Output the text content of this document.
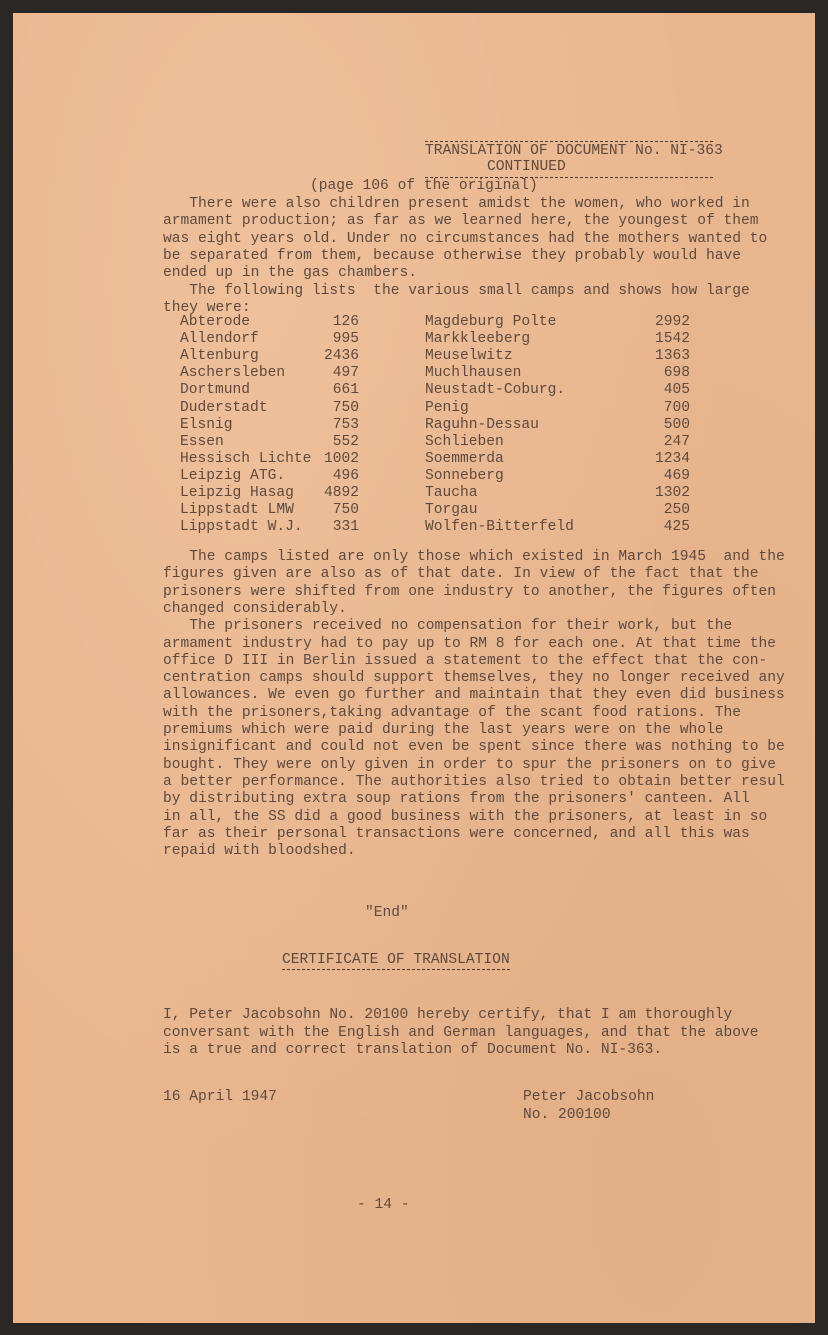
TRANSLATION OF DOCUMENT No. NI-363
CONTINUED
(page 106 of the original)
There were also children present amidst the women, who worked in
armament production; as far as we learned here, the youngest of them
was eight years old. Under no circumstances had the mothers wanted to
be separated from them, because otherwise they probably would have
ended up in the gas chambers.
The following lists  the various small camps and shows how large
they were:
Abterode	126	Magdeburg Polte	2992
Allendorf	995	Markkleeberg	1542
Altenburg	2436	Meuselwitz	1363
Aschersleben	497	Muchlhausen	698
Dortmund	661	Neustadt-Coburg.	405
Duderstadt	750	Penig	700
Elsnig	753	Raguhn-Dessau	500
Essen	552	Schlieben	247
Hessisch Lichte 1002	Soemmerda	1234
Leipzig ATG.	496	Sonneberg	469
Leipzig Hasag	4892	Taucha	1302
Lippstadt LMW	750	Torgau	250
Lippstadt W.J.	331	Wolfen-Bitterfeld	425
The camps listed are only those which existed in March 1945  and the
figures given are also as of that date. In view of the fact that the
prisoners were shifted from one industry to another, the figures often
changed considerably.
The prisoners received no compensation for their work, but the
armament industry had to pay up to RM 8 for each one. At that time the
office D III in Berlin issued a statement to the effect that the con-
centration camps should support themselves, they no longer received any
allowances. We even go further and maintain that they even did business
with the prisoners,taking advantage of the scant food rations. The
premiums which were paid during the last years were on the whole
insignificant and could not even be spent since there was nothing to be
bought. They were only given in order to spur the prisoners on to give
a better performance. The authorities also tried to obtain better resul
by distributing extra soup rations from the prisoners' canteen. All
in all, the SS did a good business with the prisoners, at least in so
far as their personal transactions were concerned, and all this was
repaid with bloodshed.
"End"
CERTIFICATE OF TRANSLATION
I, Peter Jacobsohn No. 20100 hereby certify, that I am thoroughly
conversant with the English and German languages, and that the above
is a true and correct translation of Document No. NI-363.
16 April 1947	Peter Jacobsohn
No. 200100
- 14 -
